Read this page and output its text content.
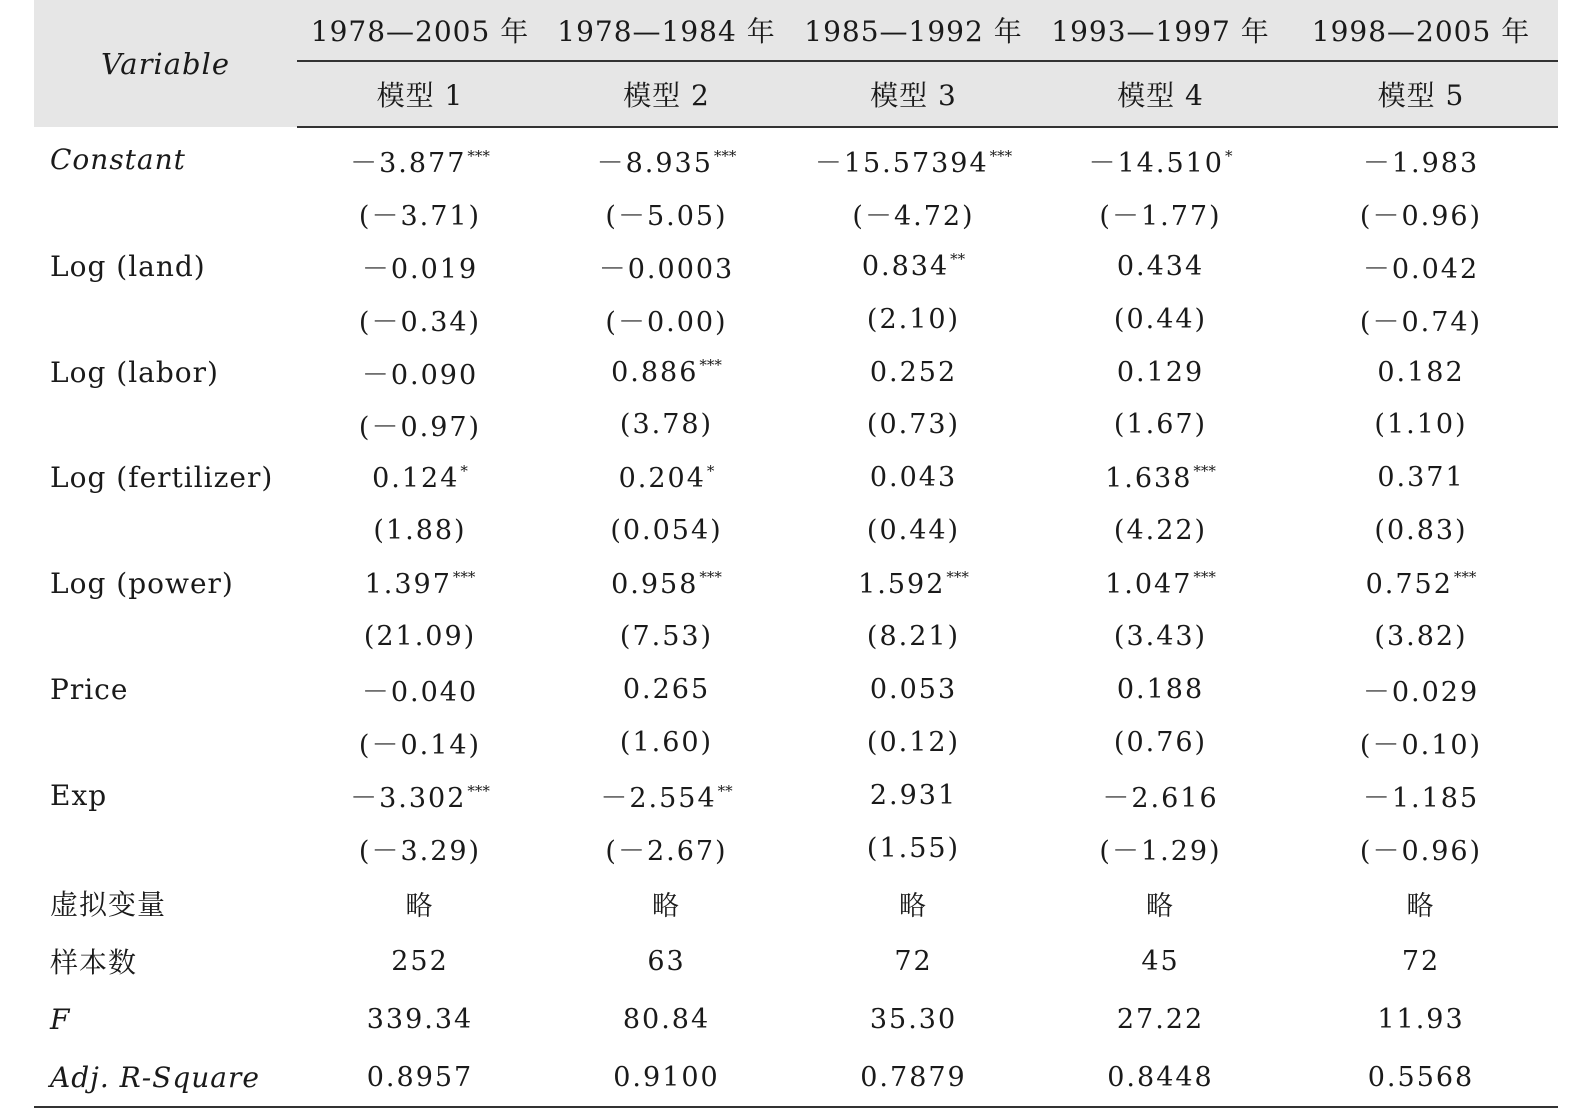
Variable	1978—2005 年	1978—1984 年	1985—1992 年	1993—1997 年	1998—2005 年
	模型 1	模型 2	模型 3	模型 4	模型 5
Constant	－3.877***	－8.935***	－15.57394***	－14.510*	－1.983
	(－3.71)	(－5.05)	(－4.72)	(－1.77)	(－0.96)
Log (land)	－0.019	－0.0003	0.834**	0.434	－0.042
	(－0.34)	(－0.00)	(2.10)	(0.44)	(－0.74)
Log (labor)	－0.090	0.886***	0.252	0.129	0.182
	(－0.97)	(3.78)	(0.73)	(1.67)	(1.10)
Log (fertilizer)	0.124*	0.204*	0.043	1.638***	0.371
	(1.88)	(0.054)	(0.44)	(4.22)	(0.83)
Log (power)	1.397***	0.958***	1.592***	1.047***	0.752***
	(21.09)	(7.53)	(8.21)	(3.43)	(3.82)
Price	－0.040	0.265	0.053	0.188	－0.029
	(－0.14)	(1.60)	(0.12)	(0.76)	(－0.10)
Exp	－3.302***	－2.554**	2.931	－2.616	－1.185
	(－3.29)	(－2.67)	(1.55)	(－1.29)	(－0.96)
虚拟变量	略	略	略	略	略
样本数	252	63	72	45	72
F	339.34	80.84	35.30	27.22	11.93
Adj. R-Square	0.8957	0.9100	0.7879	0.8448	0.5568
